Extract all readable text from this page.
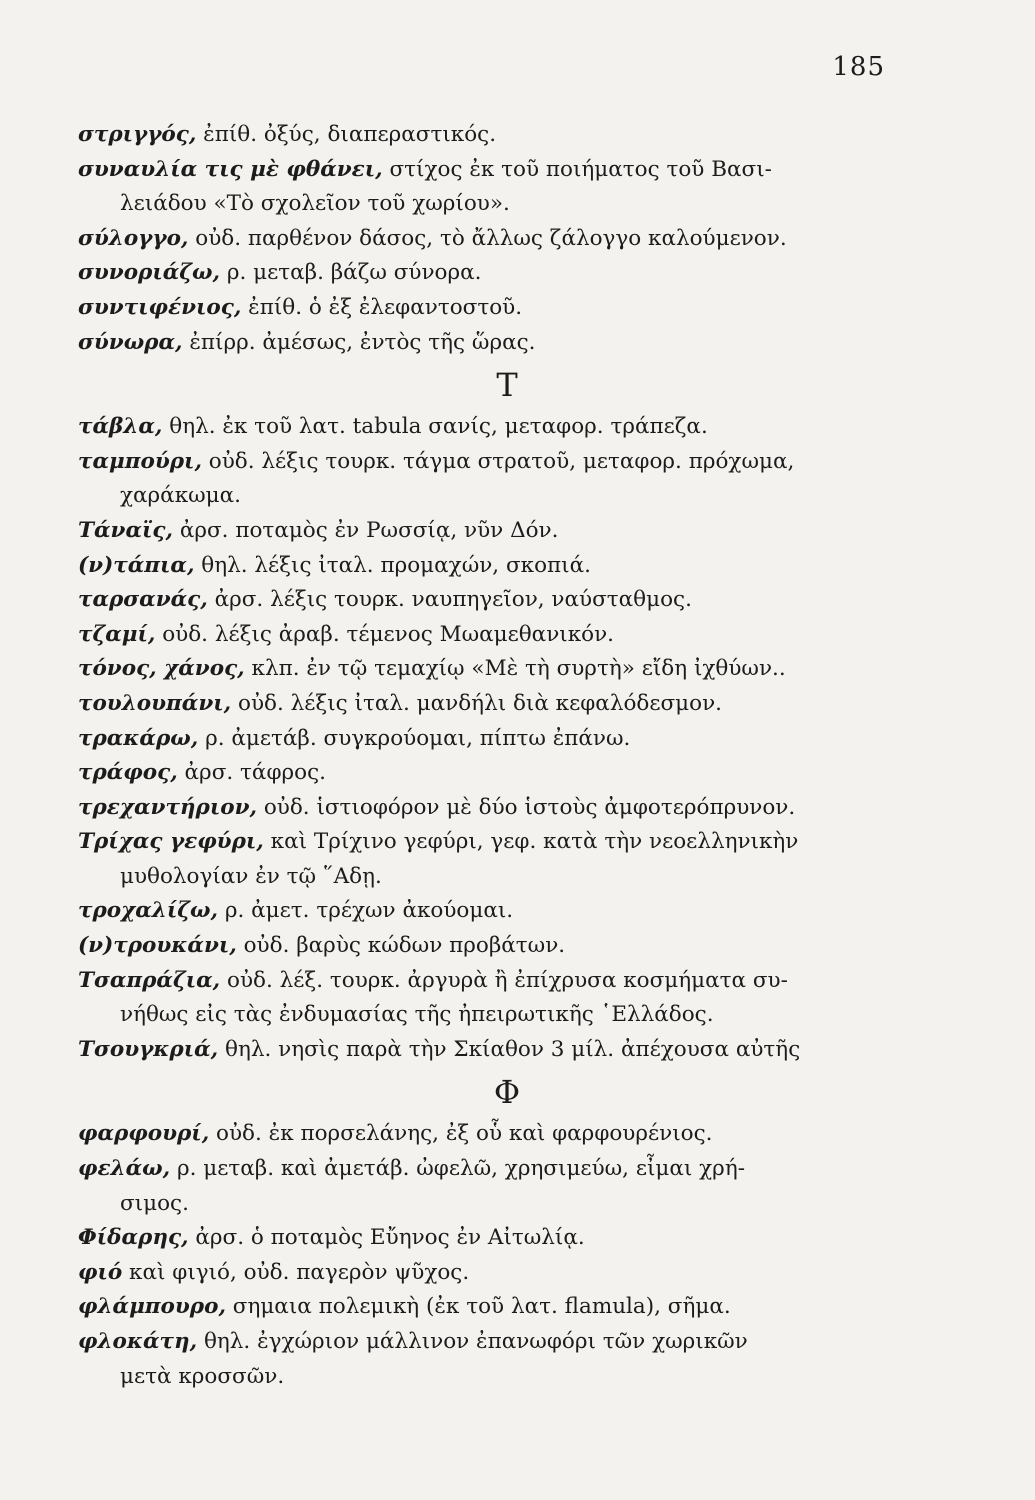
185
στριγγός, ἐπίθ. ὀξύς, διαπεραστικός.
συναυλία τις μὲ φθάνει, στίχος ἐκ τοῦ ποιήματος τοῦ Βασι-
λειάδου «Τὸ σχολεῖον τοῦ χωρίου».
σύλογγο, οὐδ. παρθένον δάσος, τὸ ἄλλως ζάλογγο καλούμενον.
συνοριάζω, ρ. μεταβ. βάζω σύνορα.
συντιφένιος, ἐπίθ. ὁ ἐξ ἐλεφαντοστοῦ.
σύνωρα, ἐπίρρ. ἀμέσως, ἐντὸς τῆς ὥρας.
Τ
τάβλα, θηλ. ἐκ τοῦ λατ. tabula σανίς, μεταφορ. τράπεζα.
ταμπούρι, οὐδ. λέξις τουρκ. τάγμα στρατοῦ, μεταφορ. πρόχωμα,
χαράκωμα.
Τάναϊς, ἀρσ. ποταμὸς ἐν Ρωσσίᾳ, νῦν Δόν.
(ν)τάπια, θηλ. λέξις ἰταλ. προμαχών, σκοπιά.
ταρσανάς, ἀρσ. λέξις τουρκ. ναυπηγεῖον, ναύσταθμος.
τζαμί, οὐδ. λέξις ἀραβ. τέμενος Μωαμεθανικόν.
τόνος, χάνος, κλπ. ἐν τῷ τεμαχίῳ «Μὲ τὴ συρτὴ» εἴδη ἰχθύων..
τουλουπάνι, οὐδ. λέξις ἰταλ. μανδήλι διὰ κεφαλόδεσμον.
τρακάρω, ρ. ἀμετάβ. συγκρούομαι, πίπτω ἐπάνω.
τράφος, ἀρσ. τάφρος.
τρεχαντήριον, οὐδ. ἱστιοφόρον μὲ δύο ἱστοὺς ἀμφοτερόπρυνον.
Τρίχας γεφύρι, καὶ Τρίχινο γεφύρι, γεφ. κατὰ τὴν νεοελληνικὴν
μυθολογίαν ἐν τῷ ῞Αδῃ.
τροχαλίζω, ρ. ἀμετ. τρέχων ἀκούομαι.
(ν)τρουκάνι, οὐδ. βαρὺς κώδων προβάτων.
Τσαπράζια, οὐδ. λέξ. τουρκ. ἀργυρὰ ἢ ἐπίχρυσα κοσμήματα συ-
νήθως εἰς τὰς ἐνδυμασίας τῆς ἠπειρωτικῆς ῾Ελλάδος.
Τσουγκριά, θηλ. νησὶς παρὰ τὴν Σκίαθον 3 μίλ. ἀπέχουσα αὐτῆς
Φ
φαρφουρί, οὐδ. ἐκ πορσελάνης, ἐξ οὗ καὶ φαρφουρένιος.
φελάω, ρ. μεταβ. καὶ ἀμετάβ. ὠφελῶ, χρησιμεύω, εἶμαι χρή-
σιμος.
Φίδαρης, ἀρσ. ὁ ποταμὸς Εὔηνος ἐν Αἰτωλίᾳ.
φιό καὶ φιγιό, οὐδ. παγερὸν ψῦχος.
φλάμπουρο, σημαια πολεμικὴ (ἐκ τοῦ λατ. flamula), σῆμα.
φλοκάτη, θηλ. ἐγχώριον μάλλινον ἐπανωφόρι τῶν χωρικῶν
μετὰ κροσσῶν.
